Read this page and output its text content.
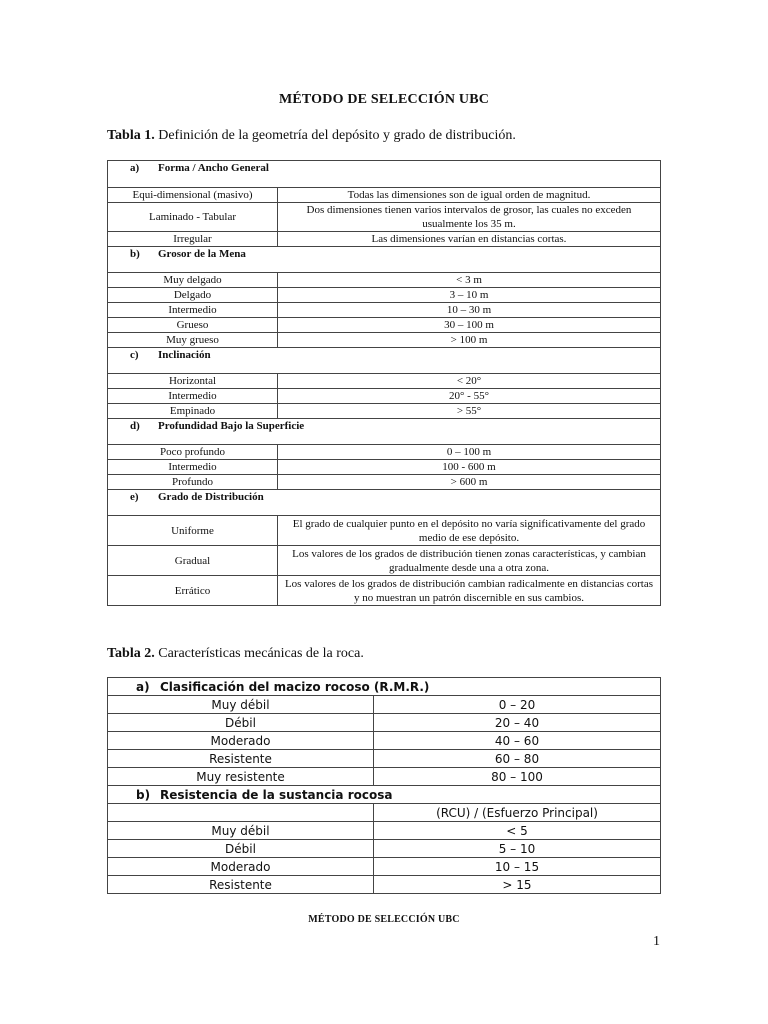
MÉTODO DE SELECCIÓN UBC
Tabla 1. Definición de la geometría del depósito y grado de distribución.
a) Forma / Ancho General	
Equi-dimensional (masivo)	Todas las dimensiones son de igual orden de magnitud.
Laminado - Tabular	Dos dimensiones tienen varios intervalos de grosor, las cuales no exceden usualmente los 35 m.
Irregular	Las dimensiones varían en distancias cortas.
b) Grosor de la Mena	
Muy delgado	< 3 m
Delgado	3 – 10 m
Intermedio	10 – 30 m
Grueso	30 – 100 m
Muy grueso	> 100 m
c) Inclinación	
Horizontal	< 20°
Intermedio	20° - 55°
Empinado	> 55°
d) Profundidad Bajo la Superficie	
Poco profundo	0 – 100 m
Intermedio	100 - 600 m
Profundo	> 600 m
e) Grado de Distribución	
Uniforme	El grado de cualquier punto en el depósito no varía significativamente del grado medio de ese depósito.
Gradual	Los valores de los grados de distribución tienen zonas características, y cambian gradualmente desde una a otra zona.
Errático	Los valores de los grados de distribución cambian radicalmente en distancias cortas y no muestran un patrón discernible en sus cambios.
Tabla 2. Características mecánicas de la roca.
a) Clasificación del macizo rocoso (R.M.R.)	
Muy débil	0 – 20
Débil	20 – 40
Moderado	40 – 60
Resistente	60 – 80
Muy resistente	80 – 100
b) Resistencia de la sustancia rocosa	
	(RCU) / (Esfuerzo Principal)
Muy débil	< 5
Débil	5 – 10
Moderado	10 – 15
Resistente	> 15
MÉTODO DE SELECCIÓN UBC
1
